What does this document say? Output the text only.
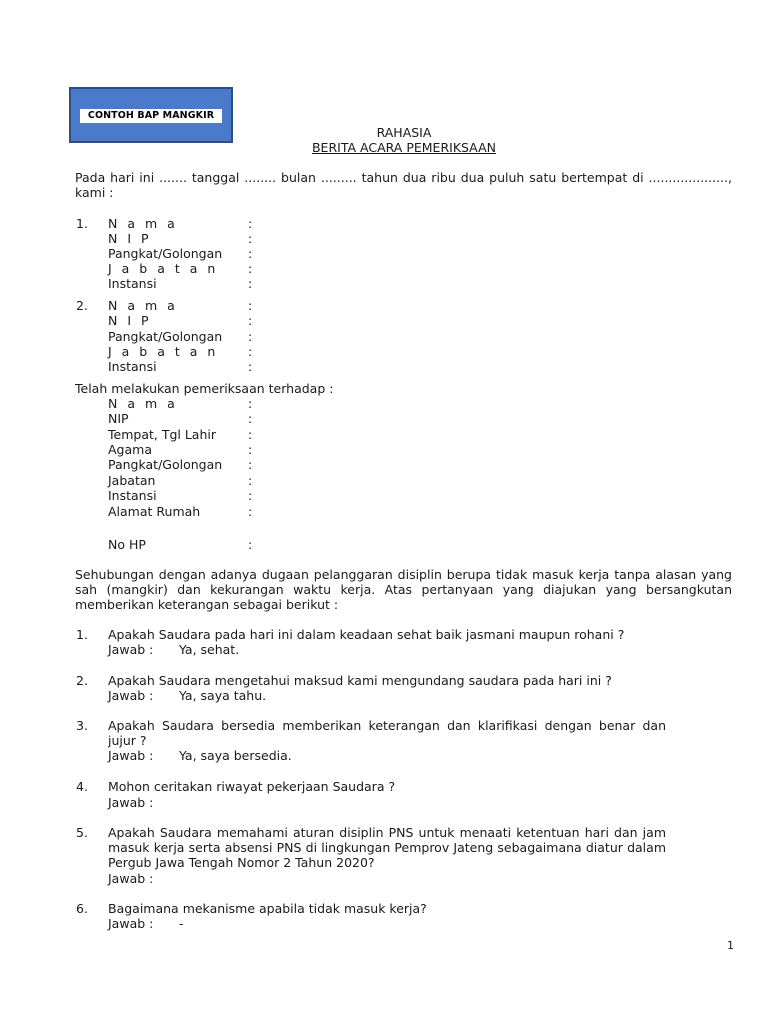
CONTOH BAP MANGKIR
RAHASIA
BERITA ACARA PEMERIKSAAN
Pada hari ini ....... tanggal ........ bulan ......... tahun dua ribu dua puluh satu bertempat di ...................., kami :
1. N a m a
N I P
Pangkat/Golongan
J a b a t a n
Instansi
:
:
:
:
:
2. N a m a
N I P
Pangkat/Golongan
J a b a t a n
Instansi
:
:
:
:
:
Telah melakukan pemeriksaan terhadap :
N a m a
NIP
Tempat, Tgl Lahir
Agama
Pangkat/Golongan
Jabatan
Instansi
Alamat Rumah
:
:
:
:
:
:
:
:
No HP	:
Sehubungan dengan adanya dugaan pelanggaran disiplin berupa tidak masuk kerja tanpa alasan yang sah (mangkir) dan kekurangan waktu kerja. Atas pertanyaan yang diajukan yang bersangkutan memberikan keterangan sebagai berikut :
1. Apakah Saudara pada hari ini dalam keadaan sehat baik jasmani maupun rohani ?
Jawab : Ya, sehat.
2. Apakah Saudara mengetahui maksud kami mengundang saudara pada hari ini ?
Jawab : Ya, saya tahu.
3. Apakah Saudara bersedia memberikan keterangan dan klarifikasi dengan benar dan jujur ?
Jawab : Ya, saya bersedia.
4. Mohon ceritakan riwayat pekerjaan Saudara ?
Jawab :
5. Apakah Saudara memahami aturan disiplin PNS untuk menaati ketentuan hari dan jam masuk kerja serta absensi PNS di lingkungan Pemprov Jateng sebagaimana diatur dalam Pergub Jawa Tengah Nomor 2 Tahun 2020?
Jawab :
6. Bagaimana mekanisme apabila tidak masuk kerja?
Jawab : -
1
